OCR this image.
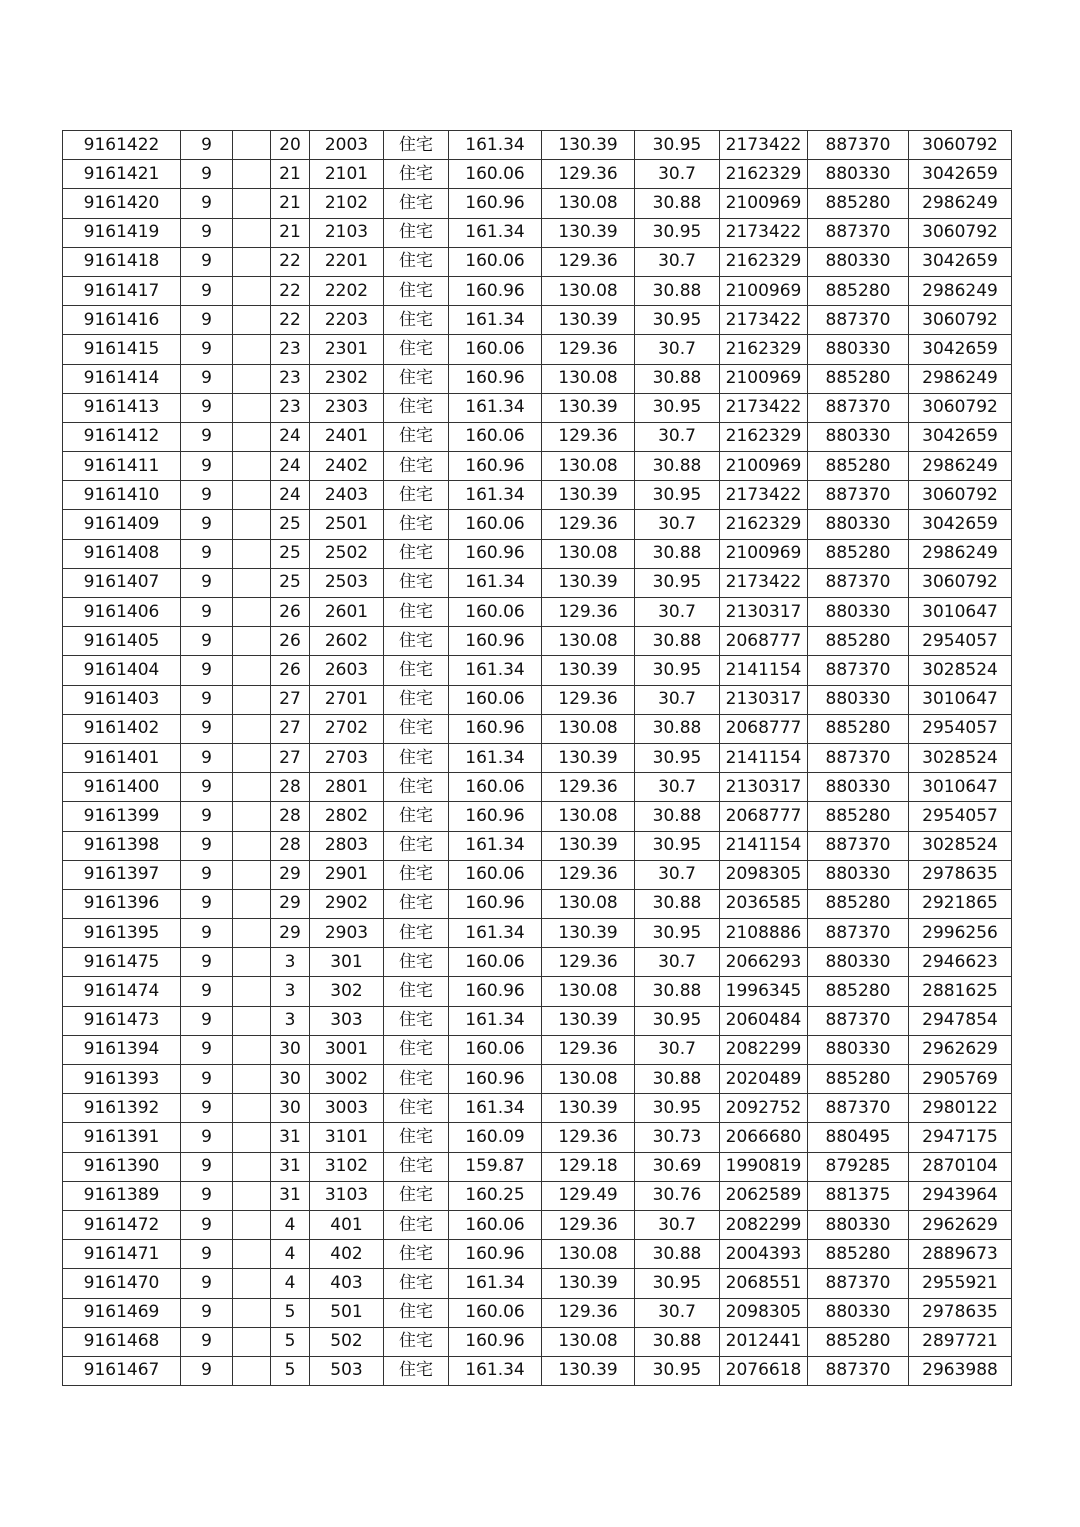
9161422	9		20	2003	住宅	161.34	130.39	30.95	2173422	887370	3060792
9161421	9		21	2101	住宅	160.06	129.36	30.7	2162329	880330	3042659
9161420	9		21	2102	住宅	160.96	130.08	30.88	2100969	885280	2986249
9161419	9		21	2103	住宅	161.34	130.39	30.95	2173422	887370	3060792
9161418	9		22	2201	住宅	160.06	129.36	30.7	2162329	880330	3042659
9161417	9		22	2202	住宅	160.96	130.08	30.88	2100969	885280	2986249
9161416	9		22	2203	住宅	161.34	130.39	30.95	2173422	887370	3060792
9161415	9		23	2301	住宅	160.06	129.36	30.7	2162329	880330	3042659
9161414	9		23	2302	住宅	160.96	130.08	30.88	2100969	885280	2986249
9161413	9		23	2303	住宅	161.34	130.39	30.95	2173422	887370	3060792
9161412	9		24	2401	住宅	160.06	129.36	30.7	2162329	880330	3042659
9161411	9		24	2402	住宅	160.96	130.08	30.88	2100969	885280	2986249
9161410	9		24	2403	住宅	161.34	130.39	30.95	2173422	887370	3060792
9161409	9		25	2501	住宅	160.06	129.36	30.7	2162329	880330	3042659
9161408	9		25	2502	住宅	160.96	130.08	30.88	2100969	885280	2986249
9161407	9		25	2503	住宅	161.34	130.39	30.95	2173422	887370	3060792
9161406	9		26	2601	住宅	160.06	129.36	30.7	2130317	880330	3010647
9161405	9		26	2602	住宅	160.96	130.08	30.88	2068777	885280	2954057
9161404	9		26	2603	住宅	161.34	130.39	30.95	2141154	887370	3028524
9161403	9		27	2701	住宅	160.06	129.36	30.7	2130317	880330	3010647
9161402	9		27	2702	住宅	160.96	130.08	30.88	2068777	885280	2954057
9161401	9		27	2703	住宅	161.34	130.39	30.95	2141154	887370	3028524
9161400	9		28	2801	住宅	160.06	129.36	30.7	2130317	880330	3010647
9161399	9		28	2802	住宅	160.96	130.08	30.88	2068777	885280	2954057
9161398	9		28	2803	住宅	161.34	130.39	30.95	2141154	887370	3028524
9161397	9		29	2901	住宅	160.06	129.36	30.7	2098305	880330	2978635
9161396	9		29	2902	住宅	160.96	130.08	30.88	2036585	885280	2921865
9161395	9		29	2903	住宅	161.34	130.39	30.95	2108886	887370	2996256
9161475	9		3	301	住宅	160.06	129.36	30.7	2066293	880330	2946623
9161474	9		3	302	住宅	160.96	130.08	30.88	1996345	885280	2881625
9161473	9		3	303	住宅	161.34	130.39	30.95	2060484	887370	2947854
9161394	9		30	3001	住宅	160.06	129.36	30.7	2082299	880330	2962629
9161393	9		30	3002	住宅	160.96	130.08	30.88	2020489	885280	2905769
9161392	9		30	3003	住宅	161.34	130.39	30.95	2092752	887370	2980122
9161391	9		31	3101	住宅	160.09	129.36	30.73	2066680	880495	2947175
9161390	9		31	3102	住宅	159.87	129.18	30.69	1990819	879285	2870104
9161389	9		31	3103	住宅	160.25	129.49	30.76	2062589	881375	2943964
9161472	9		4	401	住宅	160.06	129.36	30.7	2082299	880330	2962629
9161471	9		4	402	住宅	160.96	130.08	30.88	2004393	885280	2889673
9161470	9		4	403	住宅	161.34	130.39	30.95	2068551	887370	2955921
9161469	9		5	501	住宅	160.06	129.36	30.7	2098305	880330	2978635
9161468	9		5	502	住宅	160.96	130.08	30.88	2012441	885280	2897721
9161467	9		5	503	住宅	161.34	130.39	30.95	2076618	887370	2963988
